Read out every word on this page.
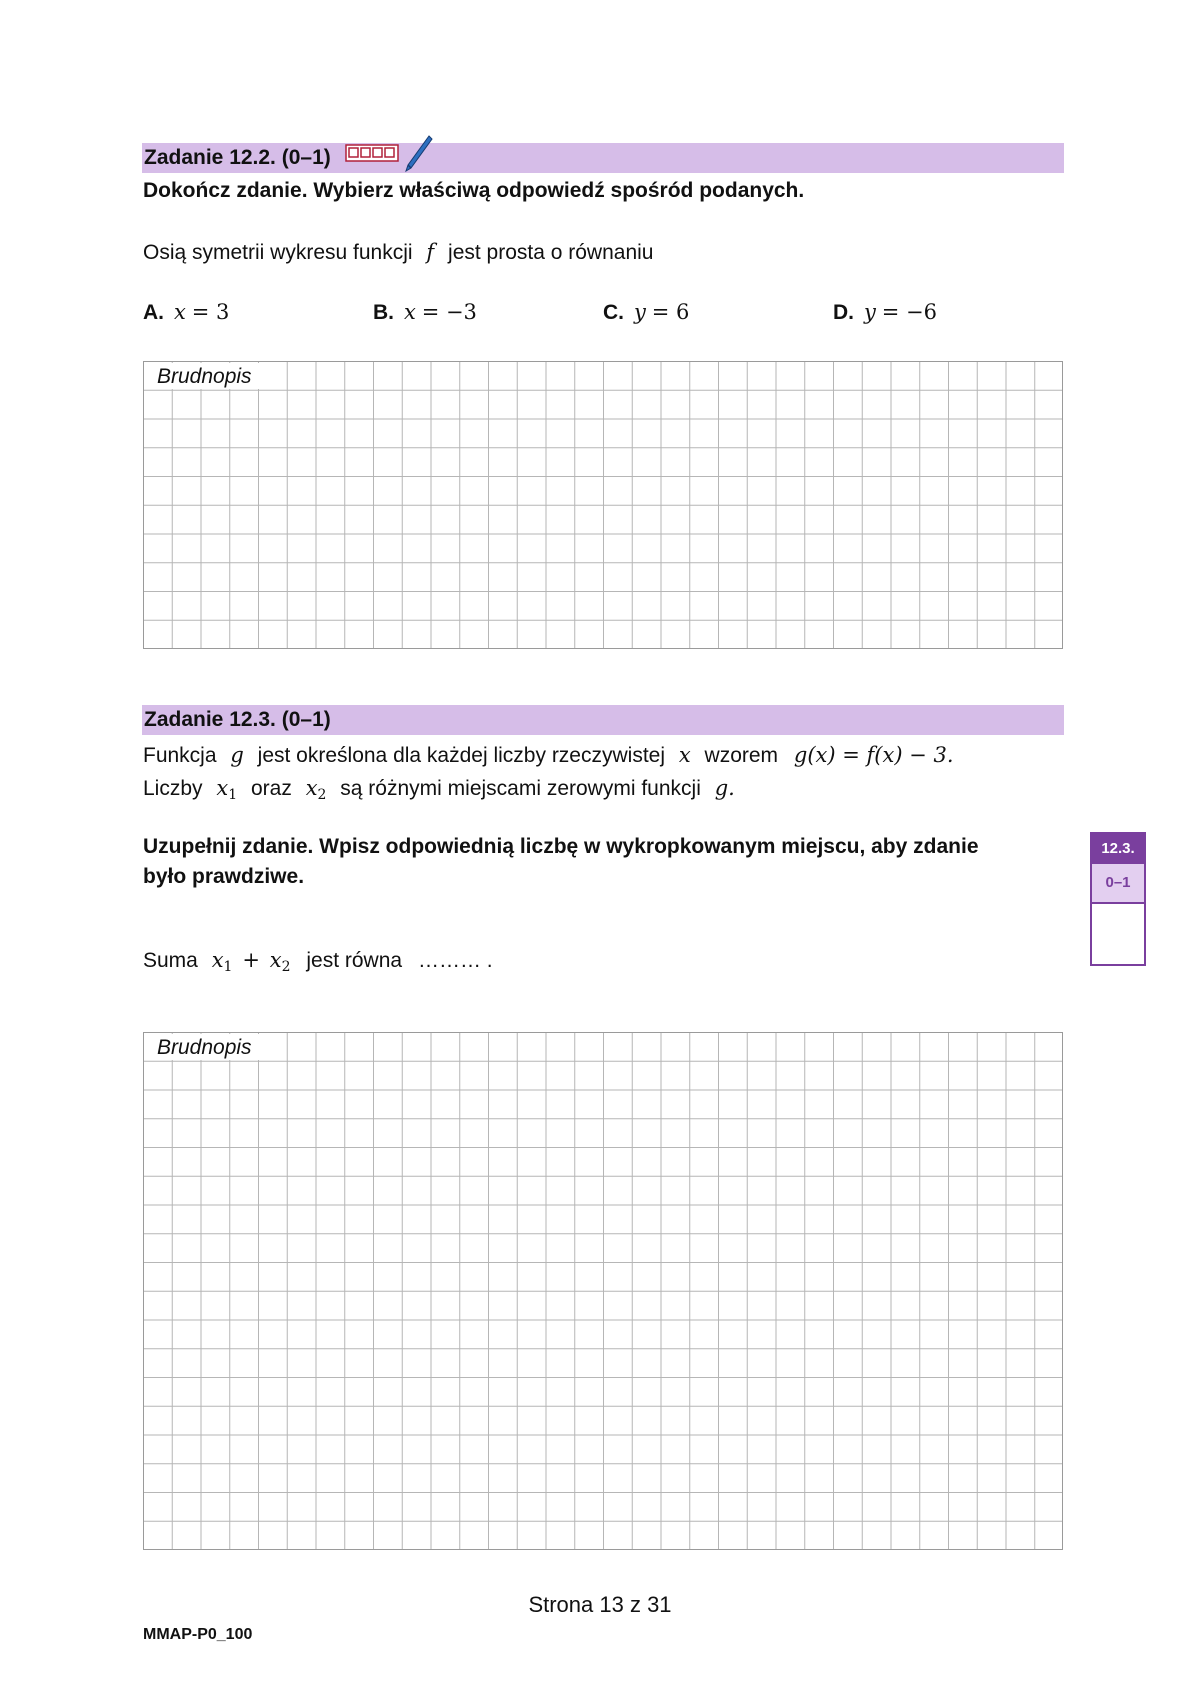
Zadanie 12.2. (0–1)
Dokończ zdanie. Wybierz właściwą odpowiedź spośród podanych.
Osią symetrii wykresu funkcji f jest prosta o równaniu
A. x = 3	B. x = −3	C. y = 6	D. y = −6
Brudnopis
Zadanie 12.3. (0–1)
Funkcja g jest określona dla każdej liczby rzeczywistej x wzorem g(x) = f(x) − 3.
Liczby $x_1$ oraz $x_2$ są różnymi miejscami zerowymi funkcji g.
Uzupełnij zdanie. Wpisz odpowiednią liczbę w wykropkowanym miejscu, aby zdanie
było prawdziwe.
Suma $x_1 + x_2$ jest równa ……… .
Brudnopis
12.3.
0–1
Strona 13 z 31
MMAP-P0_100
